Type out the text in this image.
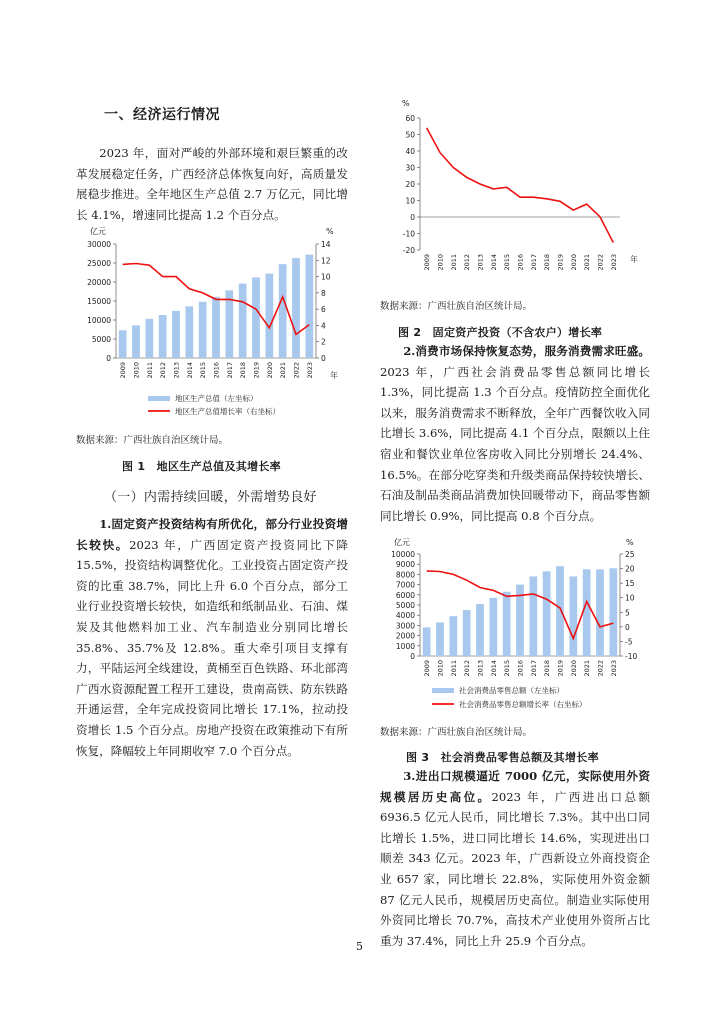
一、经济运行情况

2023 年，面对严峻的外部环境和艰巨繁重的改革发展稳定任务，广西经济总体恢复向好，高质量发展稳步推进。全年地区生产总值 2.7 万亿元，同比增长 4.1%，增速同比提高 1.2 个百分点。

亿元	%
年
0
5000
10000
15000
20000
25000
30000
0
2
4
6
8
10
12
14
2009 2010 2011 2012 2013 2014 2015 2016 2017 2018 2019 2020 2021 2022 2023
地区生产总值（左坐标）
地区生产总值增长率（右坐标）
数据来源：广西壮族自治区统计局。
图 1　地区生产总值及其增长率
（一）内需持续回暖，外需增势良好

1.固定资产投资结构有所优化，部分行业投资增长较快。2023 年，广西固定资产投资同比下降 15.5%，投资结构调整优化。工业投资占固定资产投资的比重 38.7%，同比上升 6.0 个百分点，部分工业行业投资增长较快，如造纸和纸制品业、石油、煤炭及其他燃料加工业、汽车制造业分别同比增长 35.8%、35.7%及 12.8%。重大牵引项目支撑有力，平陆运河全线建设，黄桶至百色铁路、环北部湾广西水资源配置工程开工建设，贵南高铁、防东铁路开通运营，全年完成投资同比增长 17.1%，拉动投资增长 1.5 个百分点。房地产投资在政策推动下有所恢复，降幅较上年同期收窄 7.0 个百分点。

%
年
-20
-10
0
10
20
30
40
50
60
2009 2010 2011 2012 2013 2014 2015 2016 2017 2018 2019 2020 2021 2022 2023
数据来源：广西壮族自治区统计局。
图 2　固定资产投资（不含农户）增长率

2.消费市场保持恢复态势，服务消费需求旺盛。2023 年，广西社会消费品零售总额同比增长 1.3%，同比提高 1.3 个百分点。疫情防控全面优化以来，服务消费需求不断释放，全年广西餐饮收入同比增长 3.6%，同比提高 4.1 个百分点，限额以上住宿业和餐饮业单位客房收入同比分别增长 24.4%、16.5%。在部分吃穿类和升级类商品保持较快增长、石油及制品类商品消费加快回暖带动下，商品零售额同比增长 0.9%，同比提高 0.8 个百分点。

亿元	%
0
1000
2000
3000
4000
5000
6000
7000
8000
9000
10000
-10
-5
0
5
10
15
20
25
2009 2010 2011 2012 2013 2014 2015 2016 2017 2018 2019 2020 2021 2022 2023
社会消费品零售总额（左坐标）
社会消费品零售总额增长率（右坐标）
数据来源：广西壮族自治区统计局。
图 3　社会消费品零售总额及其增长率

3.进出口规模逼近 7000 亿元，实际使用外资规模居历史高位。2023 年，广西进出口总额 6936.5 亿元人民币，同比增长 7.3%。其中出口同比增长 1.5%，进口同比增长 14.6%，实现进出口顺差 343 亿元。2023 年，广西新设立外商投资企业 657 家，同比增长 22.8%，实际使用外资金额 87 亿元人民币，规模居历史高位。制造业实际使用外资同比增长 70.7%，高技术产业使用外资所占比重为 37.4%，同比上升 25.9 个百分点。

5
